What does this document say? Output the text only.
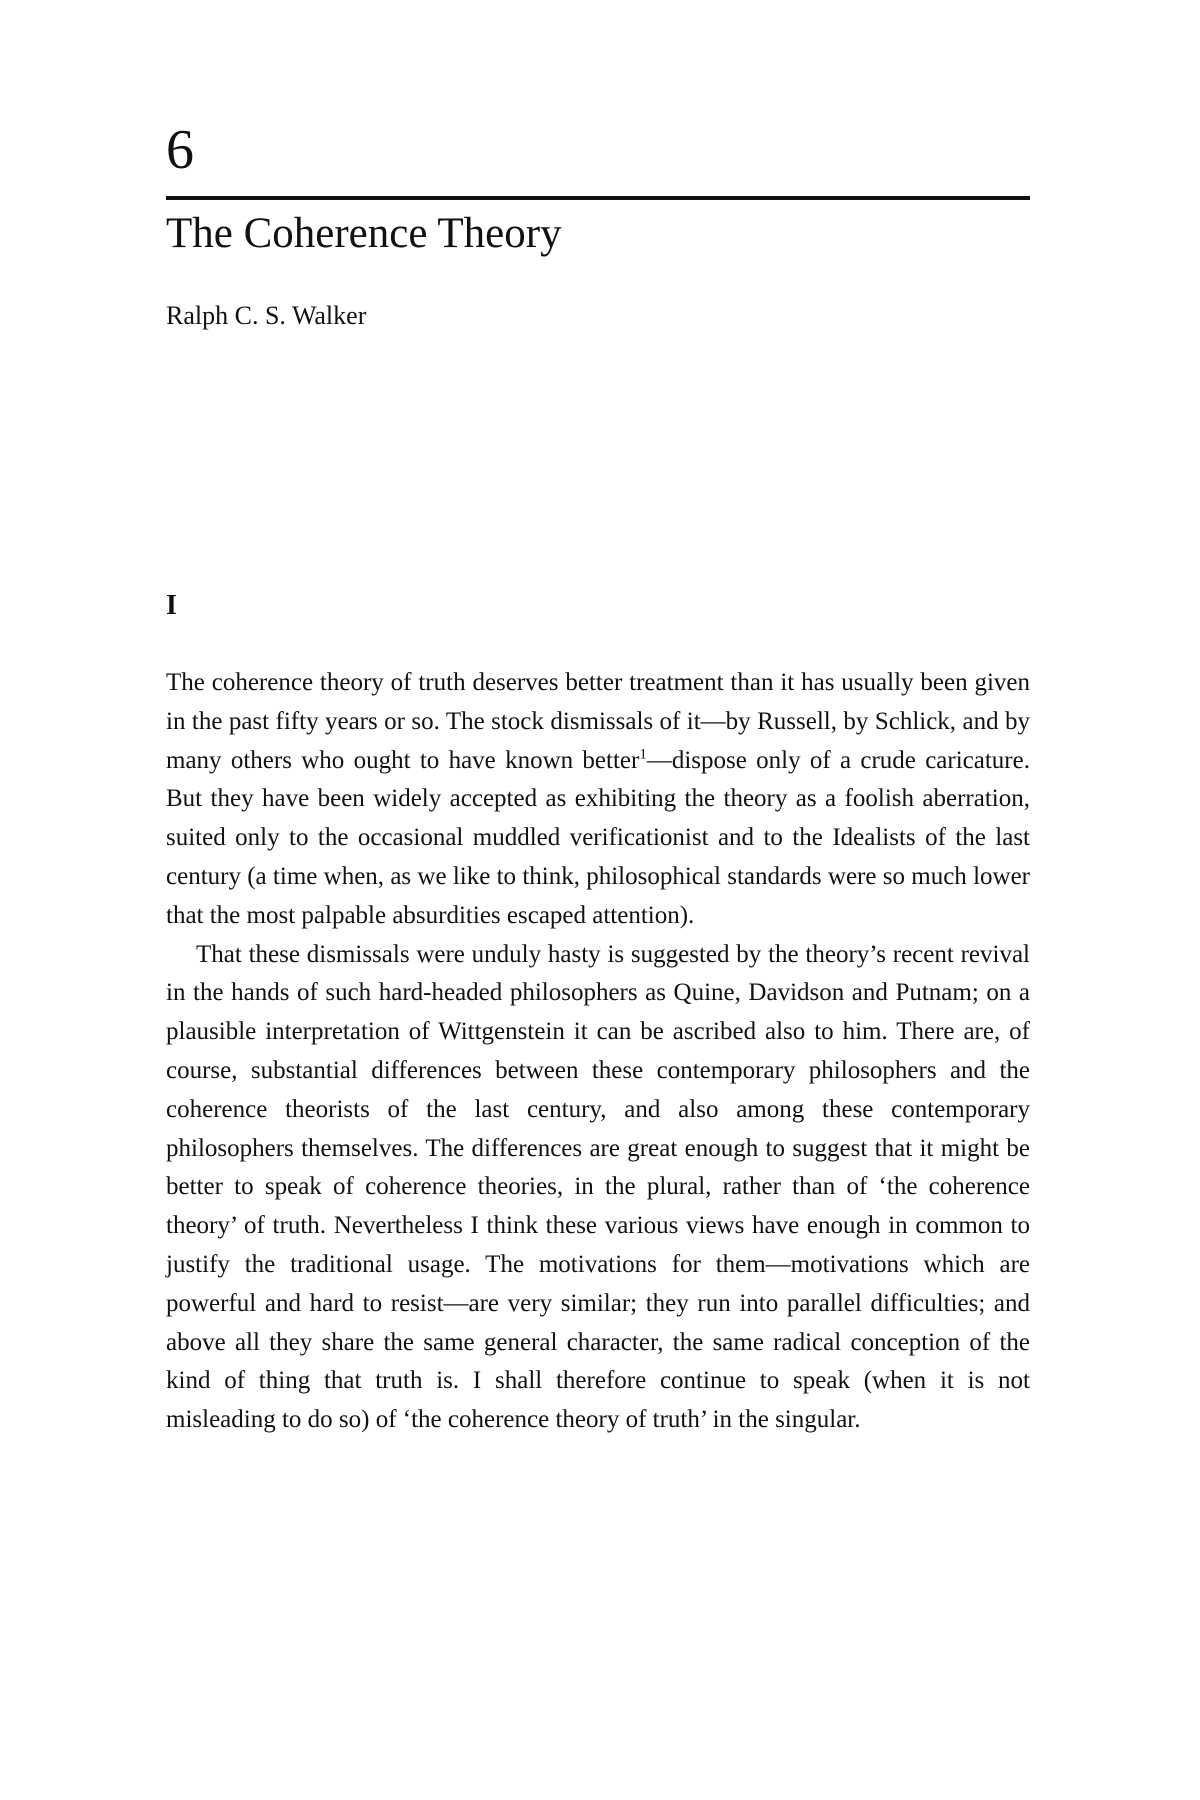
6
The Coherence Theory
Ralph C. S. Walker
I

The coherence theory of truth deserves better treatment than it has usually been given in the past fifty years or so. The stock dismissals of it—by Russell, by Schlick, and by many others who ought to have known better$^1$—dispose only of a crude caricature. But they have been widely accepted as exhibiting the theory as a foolish aberration, suited only to the occasional muddled verificationist and to the Idealists of the last century (a time when, as we like to think, philosophical standards were so much lower that the most palpable absurdities escaped attention).

That these dismissals were unduly hasty is suggested by the theory’s recent revival in the hands of such hard-headed philosophers as Quine, Davidson and Putnam; on a plausible interpretation of Wittgenstein it can be ascribed also to him. There are, of course, substantial differences between these contemporary philosophers and the coherence theorists of the last century, and also among these contemporary philosophers themselves. The differences are great enough to suggest that it might be better to speak of coherence theories, in the plural, rather than of ‘the coherence theory’ of truth. Nevertheless I think these various views have enough in common to justify the traditional usage. The motivations for them—motivations which are powerful and hard to resist—are very similar; they run into parallel difficulties; and above all they share the same general character, the same radical conception of the kind of thing that truth is. I shall therefore continue to speak (when it is not misleading to do so) of ‘the coherence theory of truth’ in the singular.
